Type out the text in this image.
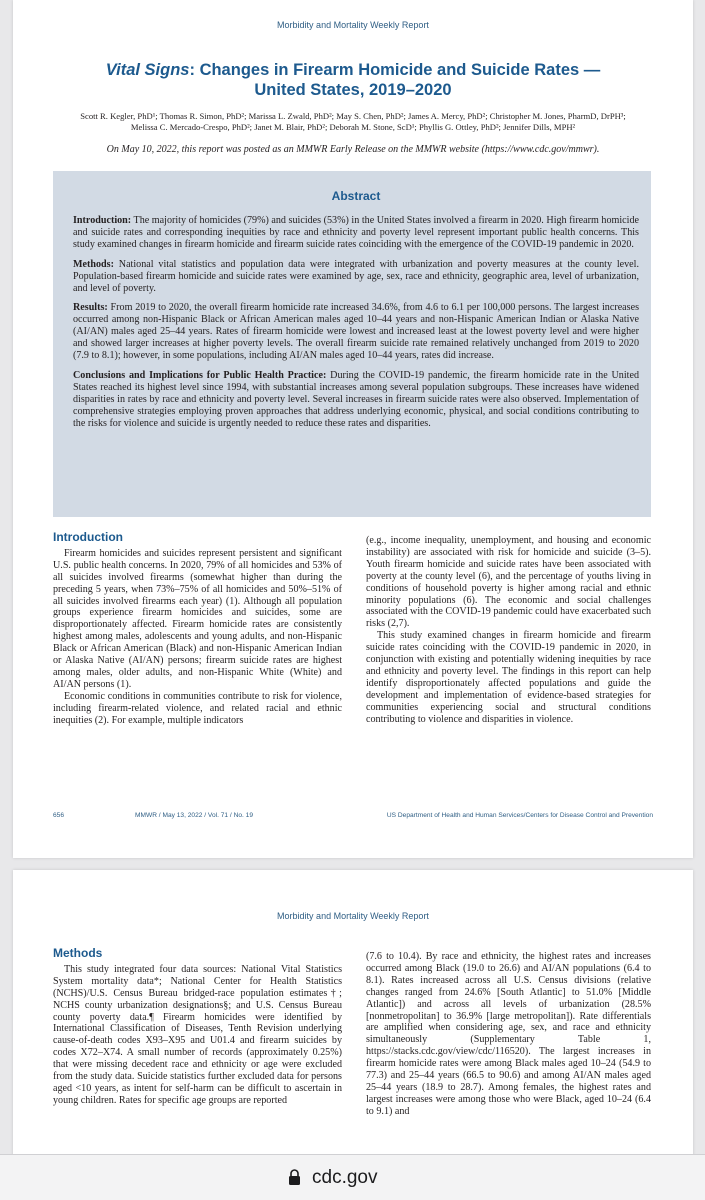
Morbidity and Mortality Weekly Report
Vital Signs: Changes in Firearm Homicide and Suicide Rates —
United States, 2019–2020
Scott R. Kegler, PhD¹; Thomas R. Simon, PhD²; Marissa L. Zwald, PhD²; May S. Chen, PhD²; James A. Mercy, PhD²; Christopher M. Jones, PharmD, DrPH³;
Melissa C. Mercado-Crespo, PhD²; Janet M. Blair, PhD²; Deborah M. Stone, ScD¹; Phyllis G. Ottley, PhD²; Jennifer Dills, MPH²
On May 10, 2022, this report was posted as an MMWR Early Release on the MMWR website (https://www.cdc.gov/mmwr).
Abstract

Introduction: The majority of homicides (79%) and suicides (53%) in the United States involved a firearm in 2020. High firearm homicide and suicide rates and corresponding inequities by race and ethnicity and poverty level represent important public health concerns. This study examined changes in firearm homicide and firearm suicide rates coinciding with the emergence of the COVID-19 pandemic in 2020.

Methods: National vital statistics and population data were integrated with urbanization and poverty measures at the county level. Population-based firearm homicide and suicide rates were examined by age, sex, race and ethnicity, geographic area, level of urbanization, and level of poverty.

Results: From 2019 to 2020, the overall firearm homicide rate increased 34.6%, from 4.6 to 6.1 per 100,000 persons. The largest increases occurred among non-Hispanic Black or African American males aged 10–44 years and non-Hispanic American Indian or Alaska Native (AI/AN) males aged 25–44 years. Rates of firearm homicide were lowest and increased least at the lowest poverty level and were higher and showed larger increases at higher poverty levels. The overall firearm suicide rate remained relatively unchanged from 2019 to 2020 (7.9 to 8.1); however, in some populations, including AI/AN males aged 10–44 years, rates did increase.

Conclusions and Implications for Public Health Practice: During the COVID-19 pandemic, the firearm homicide rate in the United States reached its highest level since 1994, with substantial increases among several population subgroups. These increases have widened disparities in rates by race and ethnicity and poverty level. Several increases in firearm suicide rates were also observed. Implementation of comprehensive strategies employing proven approaches that address underlying economic, physical, and social conditions contributing to the risks for violence and suicide is urgently needed to reduce these rates and disparities.

Introduction

Firearm homicides and suicides represent persistent and significant U.S. public health concerns. In 2020, 79% of all homicides and 53% of all suicides involved firearms (somewhat higher than during the preceding 5 years, when 73%–75% of all homicides and 50%–51% of all suicides involved firearms each year) (1). Although all population groups experience firearm homicides and suicides, some are disproportionately affected. Firearm homicide rates are consistently highest among males, adolescents and young adults, and non-Hispanic Black or African American (Black) and non-Hispanic American Indian or Alaska Native (AI/AN) persons; firearm suicide rates are highest among males, older adults, and non-Hispanic White (White) and AI/AN persons (1).

Economic conditions in communities contribute to risk for violence, including firearm-related violence, and related racial and ethnic inequities (2). For example, multiple indicators

(e.g., income inequality, unemployment, and housing and economic instability) are associated with risk for homicide and suicide (3–5). Youth firearm homicide and suicide rates have been associated with poverty at the county level (6), and the percentage of youths living in conditions of household poverty is higher among racial and ethnic minority populations (6). The economic and social challenges associated with the COVID-19 pandemic could have exacerbated such risks (2,7).

This study examined changes in firearm homicide and firearm suicide rates coinciding with the COVID-19 pandemic in 2020, in conjunction with existing and potentially widening inequities by race and ethnicity and poverty level. The findings in this report can help identify disproportionately affected populations and guide the development and implementation of evidence-based strategies for communities experiencing social and structural conditions contributing to violence and disparities in violence.

656	MMWR / May 13, 2022 / Vol. 71 / No. 19	US Department of Health and Human Services/Centers for Disease Control and Prevention
Morbidity and Mortality Weekly Report
Methods

This study integrated four data sources: National Vital Statistics System mortality data*; National Center for Health Statistics (NCHS)/U.S. Census Bureau bridged-race population estimates†; NCHS county urbanization designations§; and U.S. Census Bureau county poverty data.¶ Firearm homicides were identified by International Classification of Diseases, Tenth Revision underlying cause-of-death codes X93–X95 and U01.4 and firearm suicides by codes X72–X74. A small number of records (approximately 0.25%) that were missing decedent race and ethnicity or age were excluded from the study data. Suicide statistics further excluded data for persons aged <10 years, as intent for self-harm can be difficult to ascertain in young children. Rates for specific age groups are reported

(7.6 to 10.4). By race and ethnicity, the highest rates and increases occurred among Black (19.0 to 26.6) and AI/AN populations (6.4 to 8.1). Rates increased across all U.S. Census divisions (relative changes ranged from 24.6% [South Atlantic] to 51.0% [Middle Atlantic]) and across all levels of urbanization (28.5% [nonmetropolitan] to 36.9% [large metropolitan]). Rate differentials are amplified when considering age, sex, and race and ethnicity simultaneously (Supplementary Table 1, https://stacks.cdc.gov/view/cdc/116520). The largest increases in firearm homicide rates were among Black males aged 10–24 (54.9 to 77.3) and 25–44 years (66.5 to 90.6) and among AI/AN males aged 25–44 years (18.9 to 28.7). Among females, the highest rates and largest increases were among those who were Black, aged 10–24 (6.4 to 9.1) and

cdc.gov
